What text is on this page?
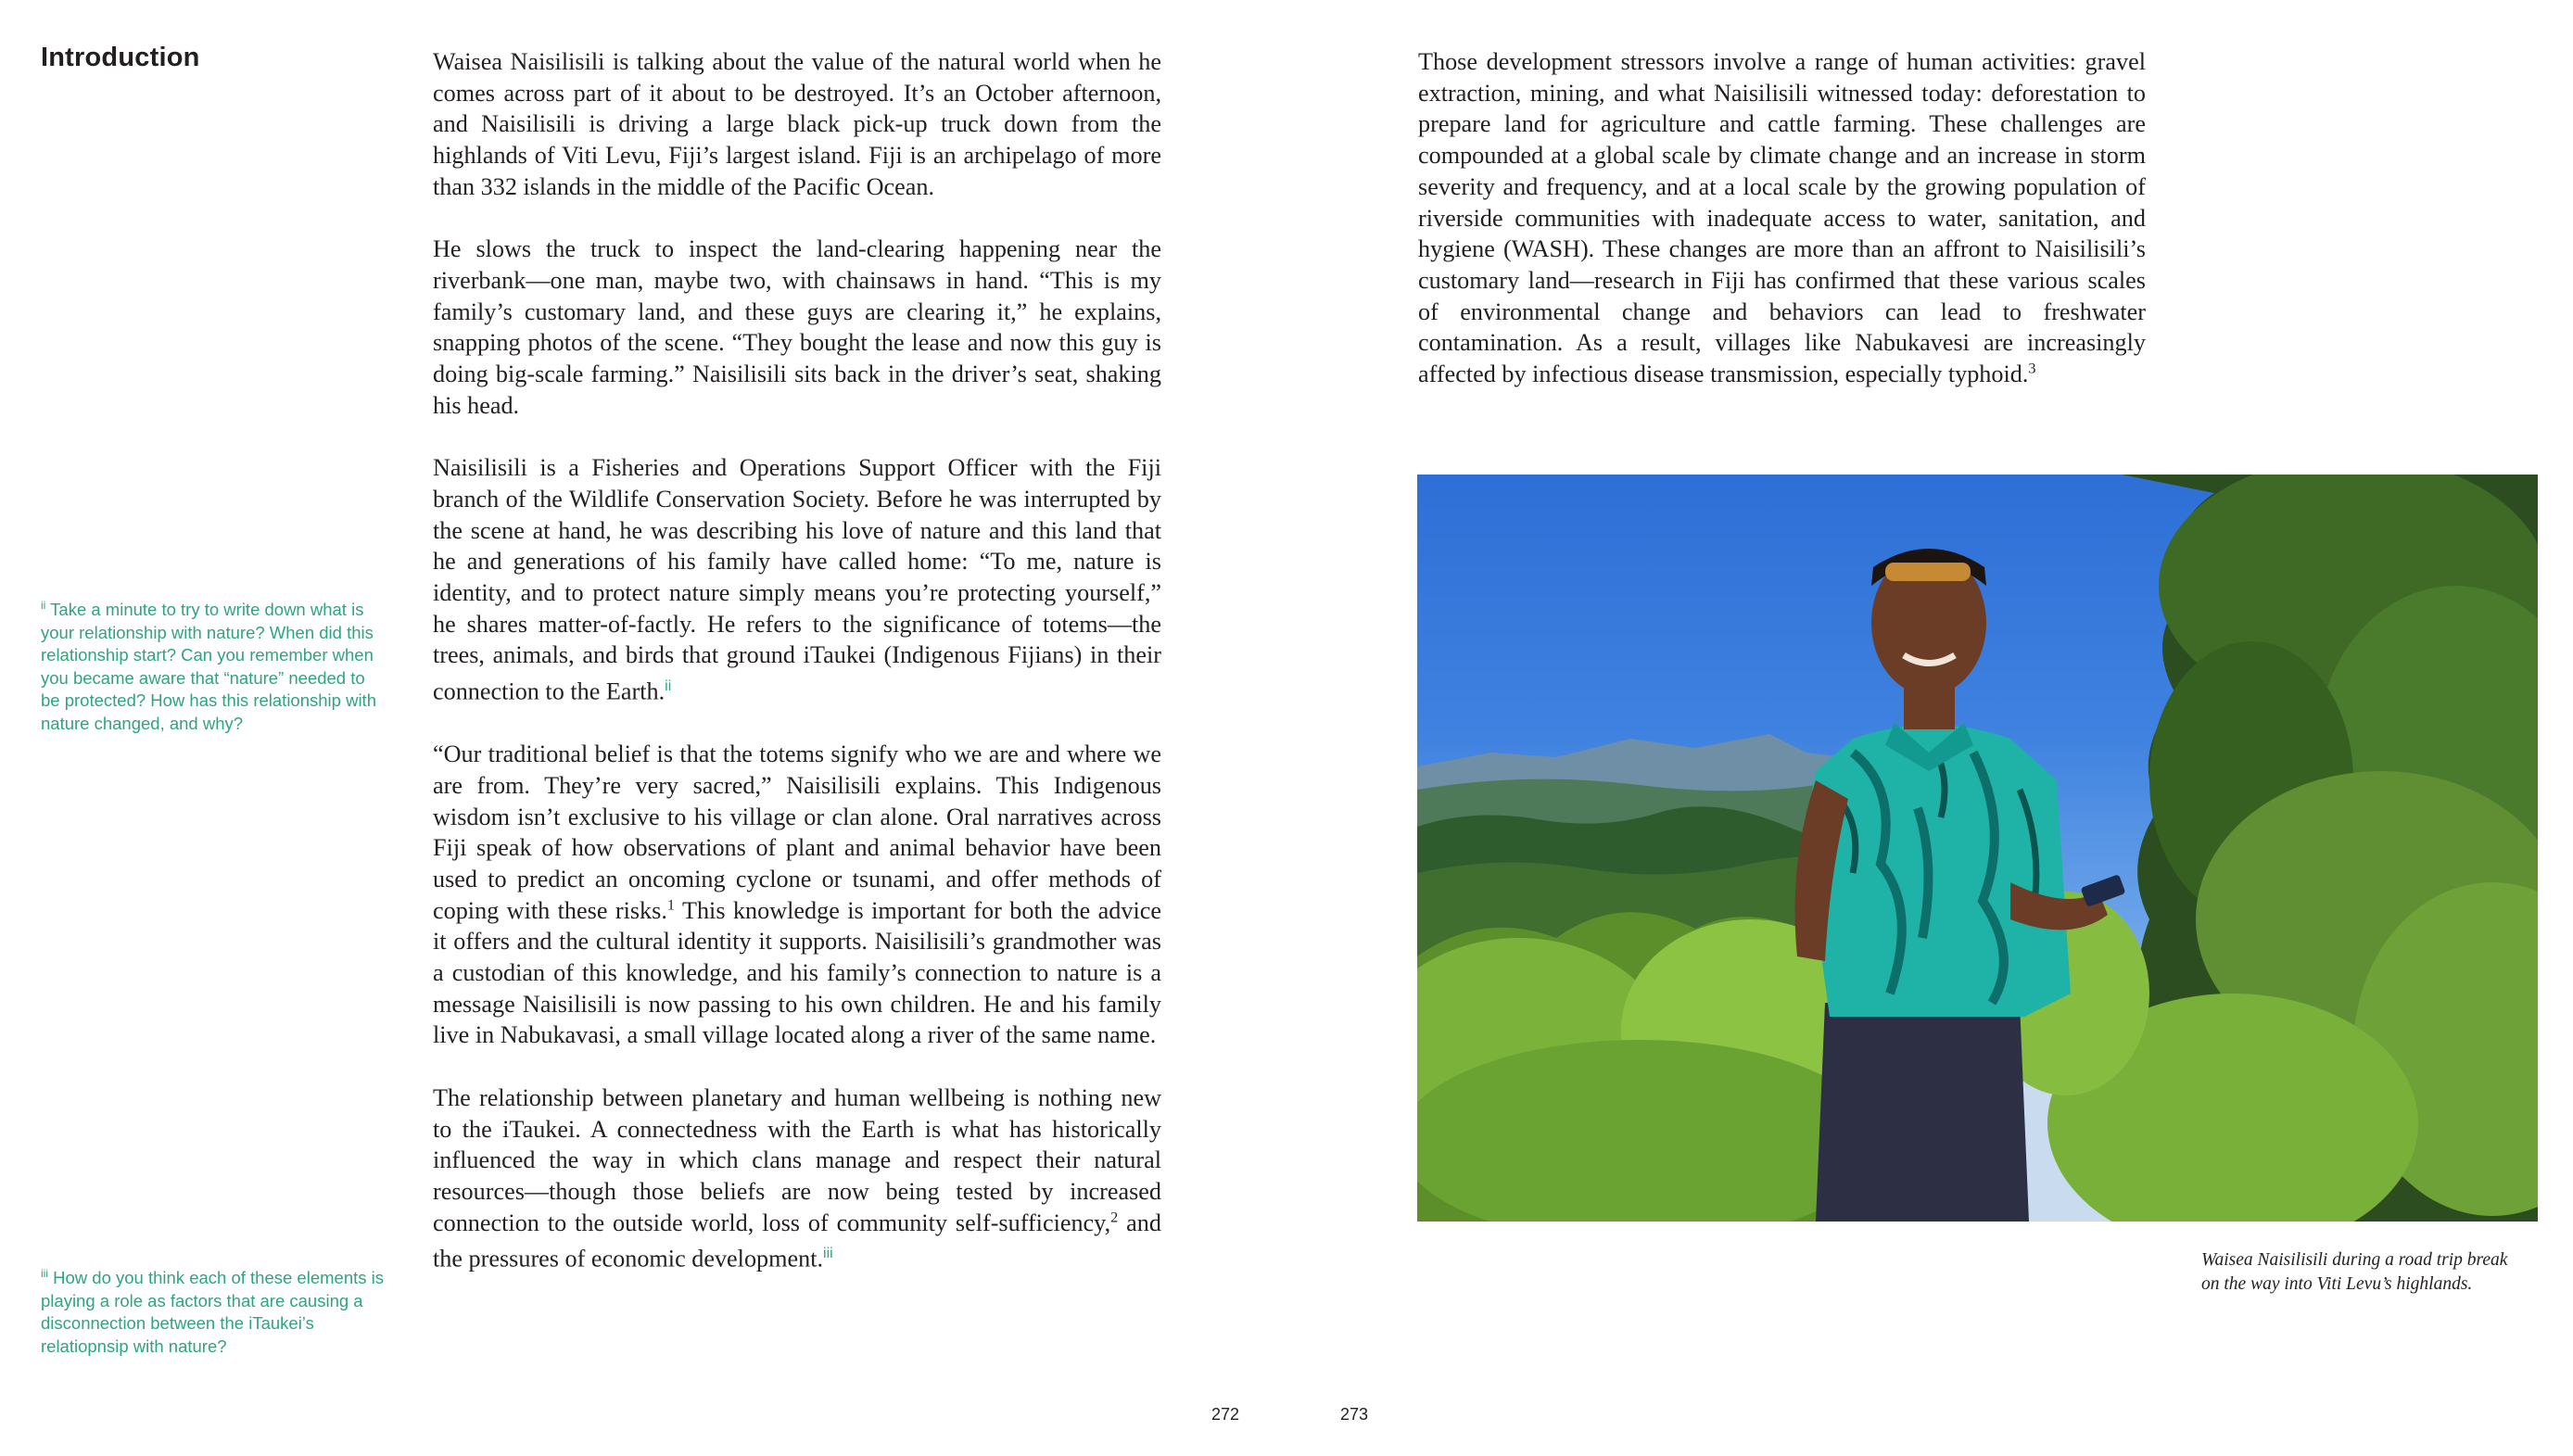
Introduction

$^{ii}$ Take a minute to try to write down what is your relationship with nature? When did this relationship start? Can you remember when you became aware that “nature” needed to be protected? How has this relationship with nature changed, and why?

$^{iii}$ How do you think each of these elements is playing a role as factors that are causing a disconnection between the iTaukei’s relatiopnsip with nature?

Waisea Naisilisili is talking about the value of the natural world when he comes across part of it about to be destroyed. It’s an October afternoon, and Naisilisili is driving a large black pick-up truck down from the highlands of Viti Levu, Fiji’s largest island. Fiji is an archipelago of more than 332 islands in the middle of the Pacific Ocean.

He slows the truck to inspect the land-clearing happening near the riverbank—one man, maybe two, with chainsaws in hand. “This is my family’s customary land, and these guys are clearing it,” he explains, snapping photos of the scene. “They bought the lease and now this guy is doing big-scale farming.” Naisilisili sits back in the driver’s seat, shaking his head.

Naisilisili is a Fisheries and Operations Support Officer with the Fiji branch of the Wildlife Conservation Society. Before he was interrupted by the scene at hand, he was describing his love of nature and this land that he and generations of his family have called home: “To me, nature is identity, and to protect nature simply means you’re protecting yourself,” he shares matter-of-factly. He refers to the significance of totems—the trees, animals, and birds that ground iTaukei (Indigenous Fijians) in their connection to the Earth.$^{ii}$

“Our traditional belief is that the totems signify who we are and where we are from. They’re very sacred,” Naisilisili explains. This Indigenous wisdom isn’t exclusive to his village or clan alone. Oral narratives across Fiji speak of how observations of plant and animal behavior have been used to predict an oncoming cyclone or tsunami, and offer methods of coping with these risks.$^1$ This knowledge is important for both the advice it offers and the cultural identity it supports. Naisilisili’s grandmother was a custodian of this knowledge, and his family’s connection to nature is a message Naisilisili is now passing to his own children. He and his family live in Nabukavasi, a small village located along a river of the same name.

The relationship between planetary and human wellbeing is nothing new to the iTaukei. A connectedness with the Earth is what has historically influenced the way in which clans manage and respect their natural resources—though those beliefs are now being tested by increased connection to the outside world, loss of community self-sufficiency,$^2$ and the pressures of economic development.$^{iii}$

272

Those development stressors involve a range of human activities: gravel extraction, mining, and what Naisilisili witnessed today: deforestation to prepare land for agriculture and cattle farming. These challenges are compounded at a global scale by climate change and an increase in storm severity and frequency, and at a local scale by the growing population of riverside communities with inadequate access to water, sanitation, and hygiene (WASH). These changes are more than an affront to Naisilisili’s customary land—research in Fiji has confirmed that these various scales of environmental change and behaviors can lead to freshwater contamination. As a result, villages like Nabukavesi are increasingly affected by infectious disease transmission, especially typhoid.$^3$

Waisea Naisilisili during a road trip break on the way into Viti Levu’s highlands.

273
